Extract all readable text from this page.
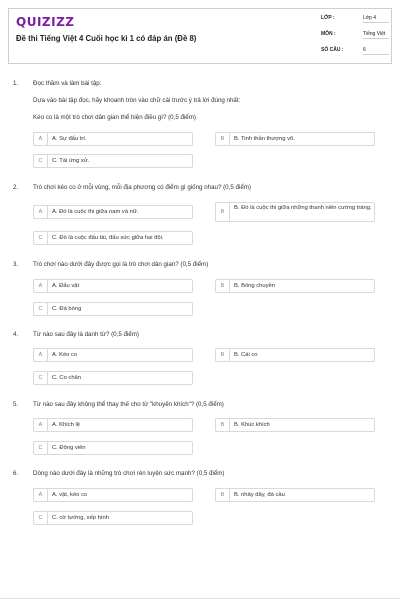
QUIZIZZ
Đề thi Tiếng Việt 4 Cuối học kì 1 có đáp án (Đề 8)
LỚP :	Lớp 4
MÔN :	Tiếng Việt
SỐ CÂU :	6
1. Đọc thầm và làm bài tập:
Dựa vào bài tập đọc, hãy khoanh tròn vào chữ cái trước ý trả lời đúng nhất:
Kéo co là một trò chơi dân gian thể hiện điều gì? (0,5 điểm)
A	A. Sự đấu trí.	B	B. Tinh thần thượng võ.
C	C. Tài ứng xử.
2. Trò chơi kéo co ở mỗi vùng, mỗi địa phương có điểm gì giống nhau? (0,5 điểm)
A	A. Đó là cuộc thi giữa nam và nữ.	B
B. Đó là cuộc thi giữa những thanh niên cường tráng.
C	C. Đó là cuộc đấu tài, đấu sức giữa hai đội.
3. Trò chơi nào dưới đây được gọi là trò chơi dân gian? (0,5 điểm)
A	A. Đấu vật	B	B. Bóng chuyền
C	C. Đá bóng
4. Từ nào sau đây là danh từ? (0,5 điểm)
A	A. Kéo co	B	B. Cái co
C	C. Co chân
5. Từ nào sau đây không thể thay thế cho từ "khuyến khích"? (0,5 điểm)
A	A. Khích lệ	B	B. Khúc khích
C	C. Động viên
6. Dòng nào dưới đây là những trò chơi rèn luyện sức mạnh? (0,5 điểm)
A	A. vật, kéo co	B	B. nhảy dây, đá cầu
C	C. cờ tướng, xếp hình
